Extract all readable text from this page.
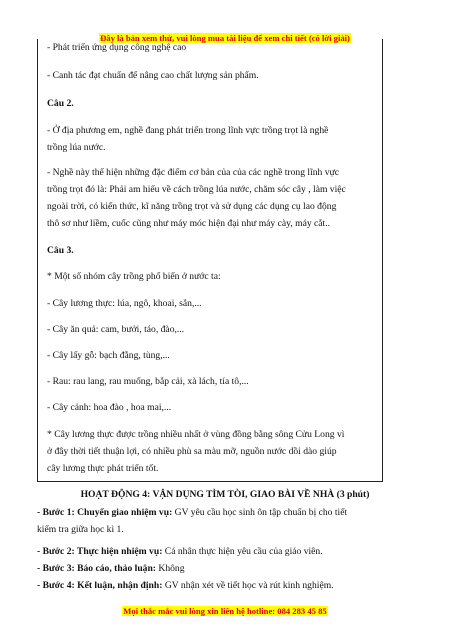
Đây là bản xem thử, vui lòng mua tài liệu để xem chi tiết (có lời giải)
- Phát triển ứng dụng công nghệ cao
- Canh tác đạt chuẩn để nâng cao chất lượng sản phẩm.
Câu 2.
- Ở địa phương em, nghề đang phát triển trong lĩnh vực trồng trọt là nghề
trồng lúa nước.
- Nghề này thể hiện những đặc điểm cơ bản của của các nghề trong lĩnh vực
trồng trọt đó là: Phải am hiểu về cách trồng lúa nước, chăm sóc cây , làm việc
ngoài trời, có kiến thức, kĩ năng trồng trọt và sử dụng các dụng cụ lao động
thô sơ như liềm, cuốc cũng như máy móc hiện đại như máy cày, máy cắt..
Câu 3.
* Một số nhóm cây trồng phổ biến ở nước ta:
- Cây lương thực: lúa, ngô, khoai, sắn,...
- Cây ăn quả: cam, bưởi, táo, đào,...
- Cây lấy gỗ: bạch đằng, tùng,...
- Rau: rau lang, rau muống, bắp cải, xà lách, tía tô,...
- Cây cảnh: hoa đào , hoa mai,...
* Cây lương thực được trồng nhiều nhất ở vùng đồng bằng sông Cửu Long vì
ở đây thời tiết thuận lợi, có nhiều phù sa màu mỡ, nguồn nước dồi dào giúp
cây lương thực phát triển tốt.
HOẠT ĐỘNG 4: VẬN DỤNG TÌM TÒI, GIAO BÀI VỀ NHÀ (3 phút)
- Bước 1: Chuyển giao nhiệm vụ: GV yêu cầu học sinh ôn tập chuẩn bị cho tiết
kiểm tra giữa học kì 1.
- Bước 2: Thực hiện nhiệm vụ: Cá nhân thực hiện yêu cầu của giáo viên.
- Bước 3: Báo cáo, thảo luận: Không
- Bước 4: Kết luận, nhận định: GV nhận xét về tiết học và rút kinh nghiệm.
Mọi thắc mắc vui lòng xin liên hệ hotline: 084 283 45 85
